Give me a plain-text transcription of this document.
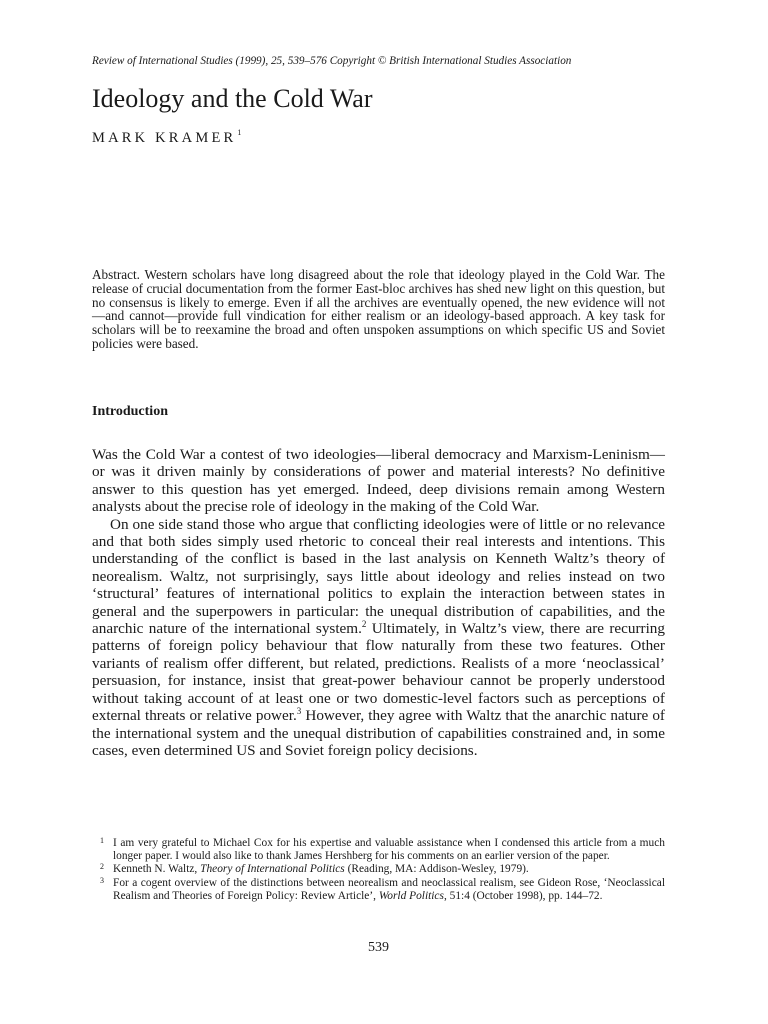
Review of International Studies (1999), 25, 539–576 Copyright © British International Studies Association
Ideology and the Cold War
MARK KRAMER$^1$
Abstract. Western scholars have long disagreed about the role that ideology played in the Cold War. The release of crucial documentation from the former East-bloc archives has shed new light on this question, but no consensus is likely to emerge. Even if all the archives are eventually opened, the new evidence will not—and cannot—provide full vindication for either realism or an ideology-based approach. A key task for scholars will be to reexamine the broad and often unspoken assumptions on which specific US and Soviet policies were based.
Introduction

Was the Cold War a contest of two ideologies—liberal democracy and Marxism-Leninism—or was it driven mainly by considerations of power and material interests? No definitive answer to this question has yet emerged. Indeed, deep divisions remain among Western analysts about the precise role of ideology in the making of the Cold War.

On one side stand those who argue that conflicting ideologies were of little or no relevance and that both sides simply used rhetoric to conceal their real interests and intentions. This understanding of the conflict is based in the last analysis on Kenneth Waltz’s theory of neorealism. Waltz, not surprisingly, says little about ideology and relies instead on two ‘structural’ features of international politics to explain the interaction between states in general and the superpowers in particular: the unequal distribution of capabilities, and the anarchic nature of the international system.$^2$ Ultimately, in Waltz’s view, there are recurring patterns of foreign policy behaviour that flow naturally from these two features. Other variants of realism offer different, but related, predictions. Realists of a more ‘neoclassical’ persuasion, for instance, insist that great-power behaviour cannot be properly understood without taking account of at least one or two domestic-level factors such as perceptions of external threats or relative power.$^3$ However, they agree with Waltz that the anarchic nature of the international system and the unequal distribution of capabilities constrained and, in some cases, even determined US and Soviet foreign policy decisions.

1 I am very grateful to Michael Cox for his expertise and valuable assistance when I condensed this article from a much longer paper. I would also like to thank James Hershberg for his comments on an earlier version of the paper.

2 Kenneth N. Waltz, Theory of International Politics (Reading, MA: Addison-Wesley, 1979).

3 For a cogent overview of the distinctions between neorealism and neoclassical realism, see Gideon Rose, ‘Neoclassical Realism and Theories of Foreign Policy: Review Article’, World Politics, 51:4 (October 1998), pp. 144–72.

539
